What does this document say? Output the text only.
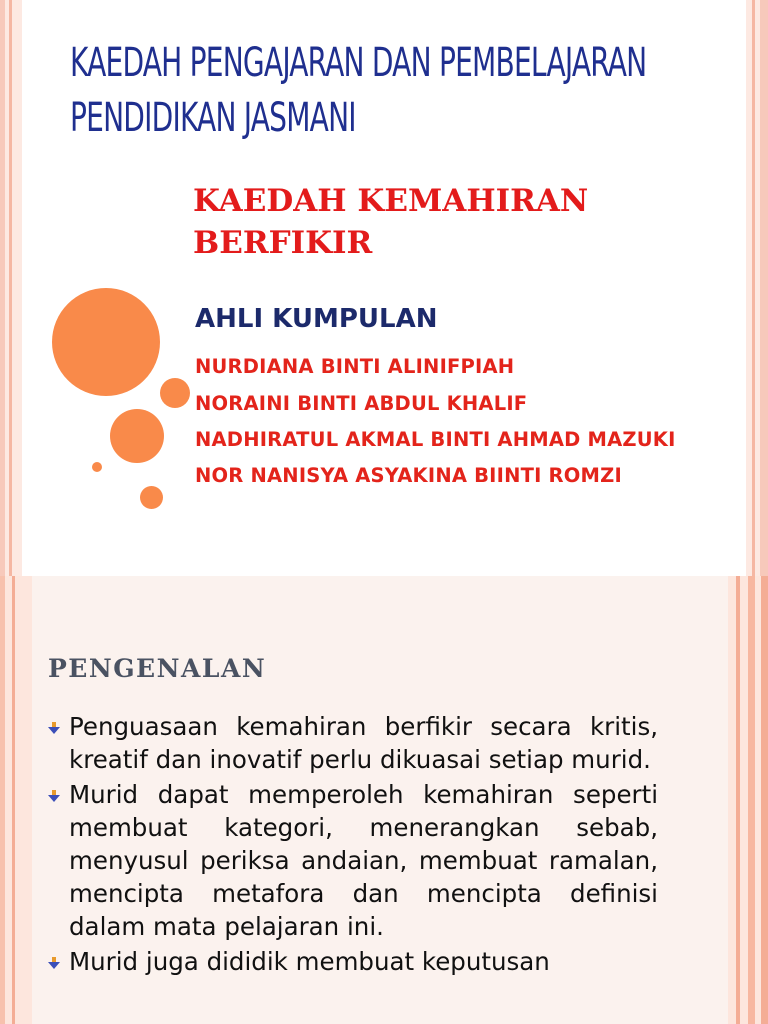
KAEDAH PENGAJARAN DAN PEMBELAJARAN
PENDIDIKAN JASMANI
KAEDAH KEMAHIRAN
BERFIKIR
AHLI KUMPULAN
NURDIANA BINTI ALINIFPIAH
NORAINI BINTI ABDUL KHALIF
NADHIRATUL AKMAL BINTI AHMAD MAZUKI
NOR NANISYA ASYAKINA BIINTI ROMZI
PENGENALAN
Penguasaan kemahiran berfikir secara kritis, kreatif dan inovatif perlu dikuasai setiap murid.
Murid dapat memperoleh kemahiran seperti membuat kategori, menerangkan sebab, menyusul periksa andaian, membuat ramalan, mencipta metafora dan mencipta definisi dalam mata pelajaran ini.
Murid juga dididik membuat keputusan
